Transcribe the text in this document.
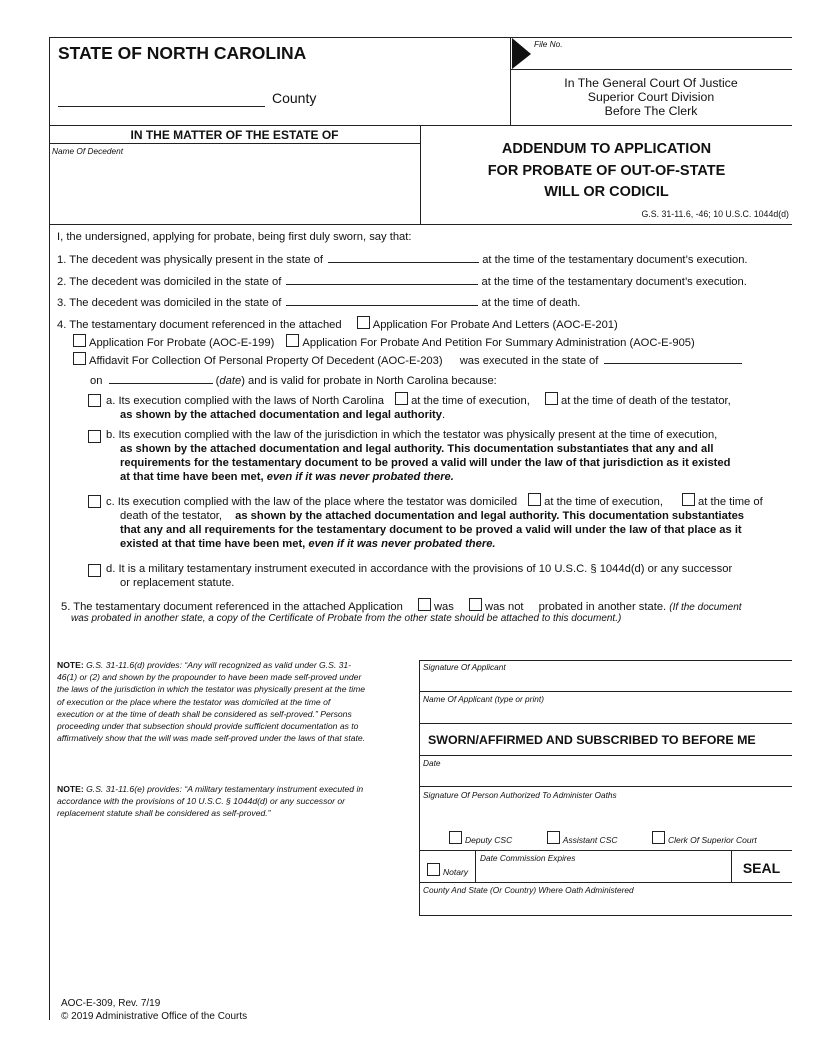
STATE OF NORTH CAROLINA
County
File No.
In The General Court Of Justice
Superior Court Division
Before The Clerk
IN THE MATTER OF THE ESTATE OF
Name Of Decedent	ADDENDUM TO APPLICATION
FOR PROBATE OF OUT-OF-STATE
WILL OR CODICIL
G.S. 31-11.6, -46; 10 U.S.C. 1044d(d)
I, the undersigned, applying for probate, being first duly sworn, say that:
1. The decedent was physically present in the state of	at the time of the testamentary document’s execution.
2. The decedent was domiciled in the state of	at the time of the testamentary document’s execution.
3. The decedent was domiciled in the state of	at the time of death.
4. The testamentary document referenced in the attached	Application For Probate And Letters (AOC-E-201)
Application For Probate (AOC-E-199)	Application For Probate And Petition For Summary Administration (AOC-E-905)
Affidavit For Collection Of Personal Property Of Decedent (AOC-E-203) was executed in the state of
on	(date) and is valid for probate in North Carolina because:
a. Its execution complied with the laws of North Carolina at the time of execution,	at the time of death of the testator,
as shown by the attached documentation and legal authority.
b. Its execution complied with the law of the jurisdiction in which the testator was physically present at the time of execution,
as shown by the attached documentation and legal authority. This documentation substantiates that any and all
requirements for the testamentary document to be proved a valid will under the law of that jurisdiction as it existed
at that time have been met, even if it was never probated there.
c. Its execution complied with the law of the place where the testator was domiciled at the time of execution,	at the time of
death of the testator, as shown by the attached documentation and legal authority. This documentation substantiates
that any and all requirements for the testamentary document to be proved a valid will under the law of that place as it
existed at that time have been met, even if it was never probated there.
d. It is a military testamentary instrument executed in accordance with the provisions of 10 U.S.C. § 1044d(d) or any successor
or replacement statute.
5. The testamentary document referenced in the attached Application	was	was not probated in another state. (If the document
was probated in another state, a copy of the Certificate of Probate from the other state should be attached to this document.)
NOTE: G.S. 31-11.6(d) provides: “Any will recognized as valid under G.S. 31-46(1) or (2) and shown by the propounder to have been made self-proved under the laws of the jurisdiction in which the testator was physically present at the time of execution or the place where the testator was domiciled at the time of execution or at the time of death shall be considered as self-proved.” Persons proceeding under that subsection should provide sufficient documentation as to affirmatively show that the will was made self-proved under the laws of that state.
NOTE: G.S. 31-11.6(e) provides: “A military testamentary instrument executed in accordance with the provisions of 10 U.S.C. § 1044d(d) or any successor or replacement statute shall be considered as self-proved.”
Signature Of Applicant
Name Of Applicant (type or print)
SWORN/AFFIRMED AND SUBSCRIBED TO BEFORE ME
Date
Signature Of Person Authorized To Administer Oaths
Deputy CSC	Assistant CSC	Clerk Of Superior Court
Notary
Date Commission Expires
SEAL
County And State (Or Country) Where Oath Administered
AOC-E-309, Rev. 7/19
© 2019 Administrative Office of the Courts
